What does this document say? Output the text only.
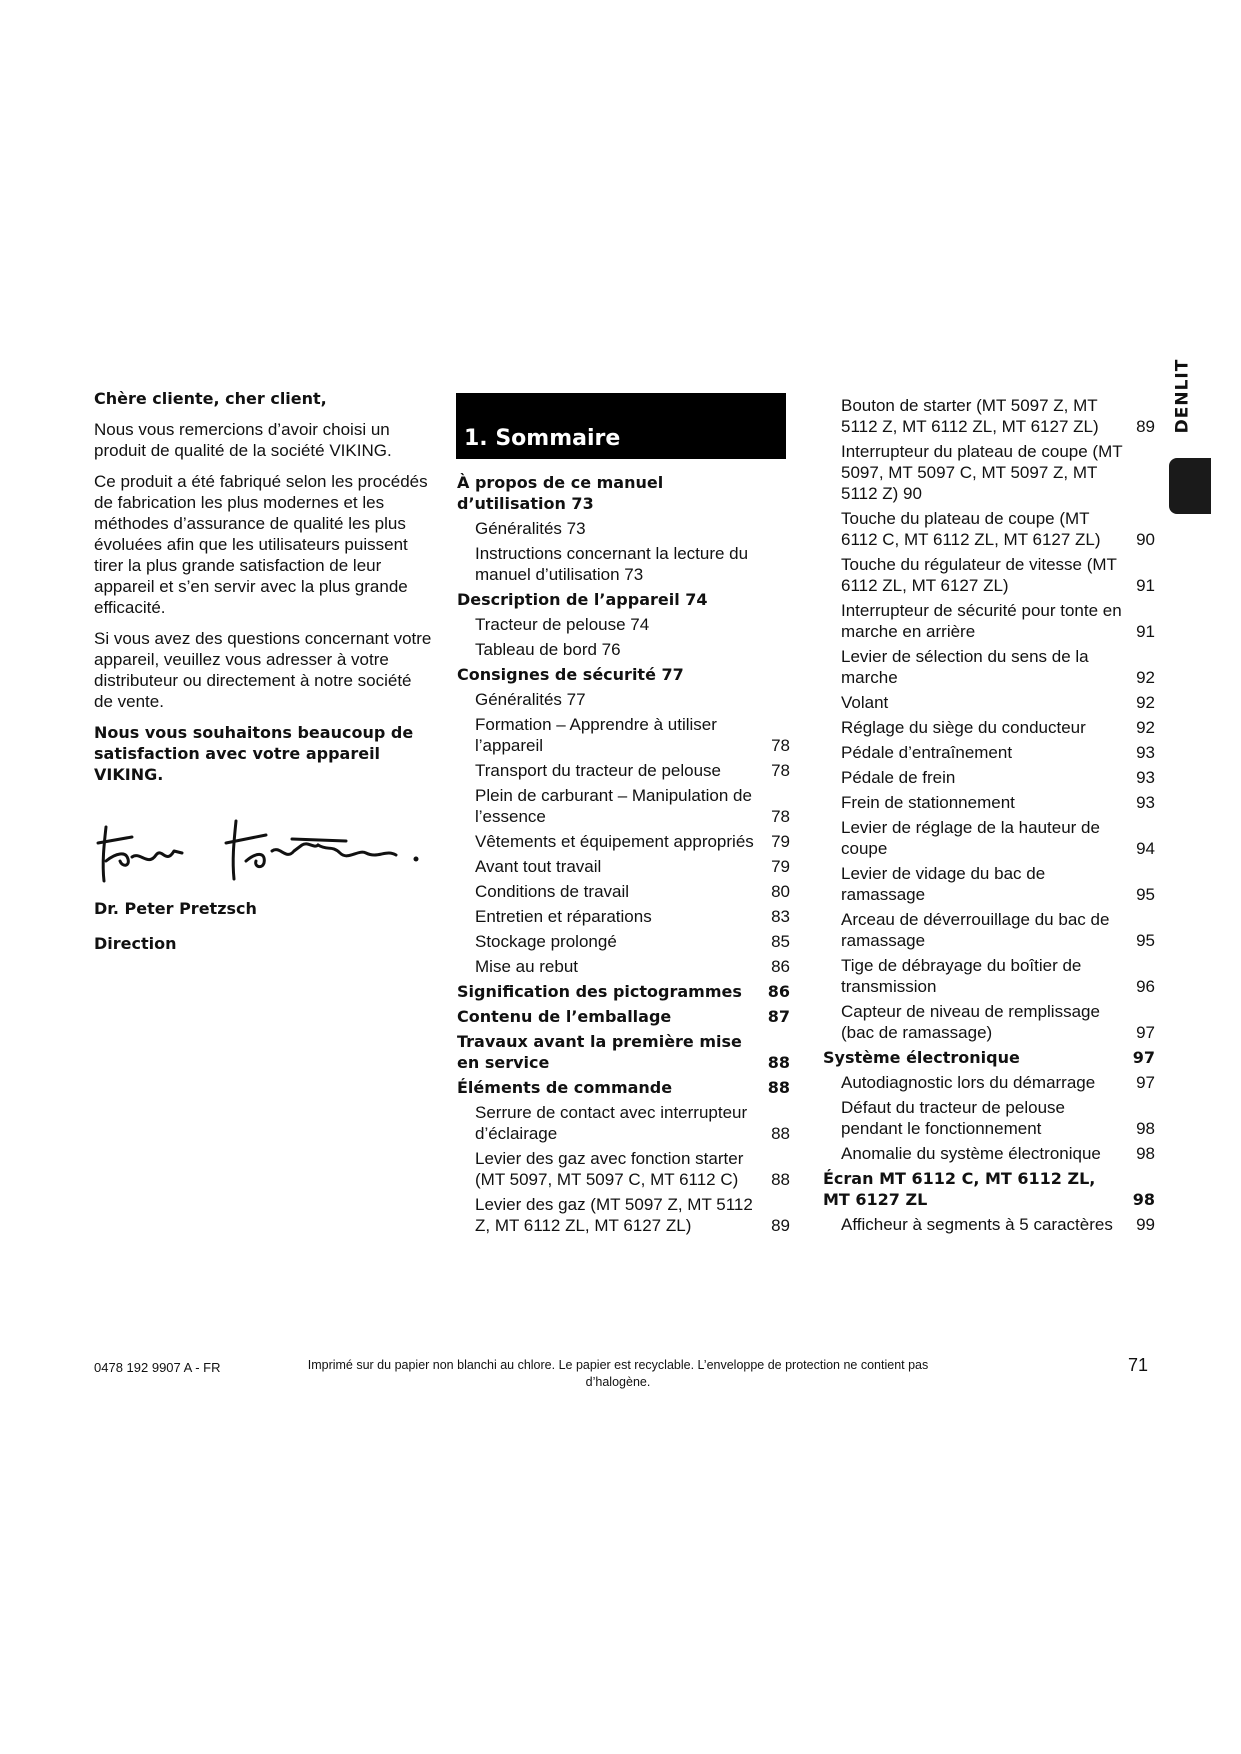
DENLIT

Chère cliente, cher client,

Nous vous remercions d’avoir choisi un produit de qualité de la société VIKING.

Ce produit a été fabriqué selon les procédés de fabrication les plus modernes et les méthodes d’assurance de qualité les plus évoluées afin que les utilisateurs puissent tirer la plus grande satisfaction de leur appareil et s’en servir avec la plus grande efficacité.

Si vous avez des questions concernant votre appareil, veuillez vous adresser à votre distributeur ou directement à notre société de vente.

Nous vous souhaitons beaucoup de satisfaction avec votre appareil VIKING.

Dr. Peter Pretzsch
Direction
1. Sommaire
À propos de ce manuel d’utilisation 73
Généralités 73
Instructions concernant la lecture du manuel d’utilisation 73
Description de l’appareil 74
Tracteur de pelouse 74
Tableau de bord 76
Consignes de sécurité 77
Généralités 77
Formation – Apprendre à utiliser l’appareil	78
Transport du tracteur de pelouse	78
Plein de carburant – Manipulation de l’essence	78
Vêtements et équipement appropriés	79
Avant tout travail	79
Conditions de travail	80
Entretien et réparations	83
Stockage prolongé	85
Mise au rebut	86
Signification des pictogrammes	86
Contenu de l’emballage	87
Travaux avant la première mise en service	88
Éléments de commande	88
Serrure de contact avec interrupteur d’éclairage	88
Levier des gaz avec fonction starter (MT 5097, MT 5097 C, MT 6112 C)	88
Levier des gaz (MT 5097 Z, MT 5112 Z, MT 6112 ZL, MT 6127 ZL)	89
Bouton de starter (MT 5097 Z, MT 5112 Z, MT 6112 ZL, MT 6127 ZL)	89
Interrupteur du plateau de coupe (MT 5097, MT 5097 C, MT 5097 Z, MT 5112 Z) 90
Touche du plateau de coupe (MT 6112 C, MT 6112 ZL, MT 6127 ZL)	90
Touche du régulateur de vitesse (MT 6112 ZL, MT 6127 ZL)	91
Interrupteur de sécurité pour tonte en marche en arrière	91
Levier de sélection du sens de la marche	92
Volant	92
Réglage du siège du conducteur	92
Pédale d’entraînement	93
Pédale de frein	93
Frein de stationnement	93
Levier de réglage de la hauteur de coupe	94
Levier de vidage du bac de ramassage	95
Arceau de déverrouillage du bac de ramassage	95
Tige de débrayage du boîtier de transmission	96
Capteur de niveau de remplissage (bac de ramassage)	97
Système électronique	97
Autodiagnostic lors du démarrage	97
Défaut du tracteur de pelouse pendant le fonctionnement	98
Anomalie du système électronique	98
Écran MT 6112 C, MT 6112 ZL, MT 6127 ZL	98
Afficheur à segments à 5 caractères	99
0478 192 9907 A - FR	Imprimé sur du papier non blanchi au chlore. Le papier est recyclable. L’enveloppe de protection ne contient pas d’halogène.
71
